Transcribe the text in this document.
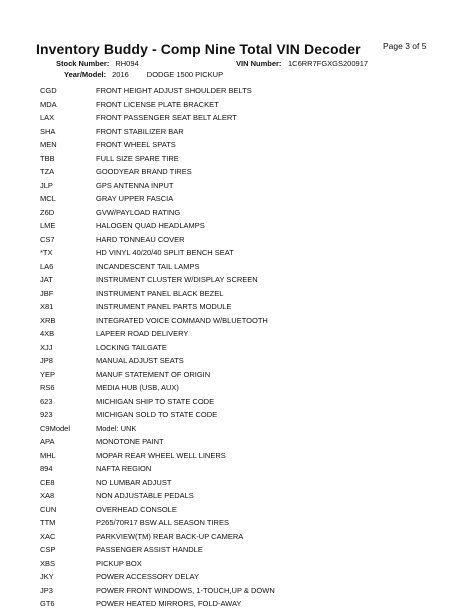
Inventory Buddy - Comp Nine Total VIN Decoder	Page 3 of 5
Stock Number: RH094	VIN Number: 1C6RR7FGXGS200917
Year/Model: 2016 DODGE 1500 PICKUP
CGD	FRONT HEIGHT ADJUST SHOULDER BELTS
MDA	FRONT LICENSE PLATE BRACKET
LAX	FRONT PASSENGER SEAT BELT ALERT
SHA	FRONT STABILIZER BAR
MEN	FRONT WHEEL SPATS
TBB	FULL SIZE SPARE TIRE
TZA	GOODYEAR BRAND TIRES
JLP	GPS ANTENNA INPUT
MCL	GRAY UPPER FASCIA
Z6D	GVW/PAYLOAD RATING
LME	HALOGEN QUAD HEADLAMPS
CS7	HARD TONNEAU COVER
*TX	HD VINYL 40/20/40 SPLIT BENCH SEAT
LA6	INCANDESCENT TAIL LAMPS
JAT	INSTRUMENT CLUSTER W/DISPLAY SCREEN
JBF	INSTRUMENT PANEL BLACK BEZEL
X81	INSTRUMENT PANEL PARTS MODULE
XRB	INTEGRATED VOICE COMMAND W/BLUETOOTH
4XB	LAPEER ROAD DELIVERY
XJJ	LOCKING TAILGATE
JP8	MANUAL ADJUST SEATS
YEP	MANUF STATEMENT OF ORIGIN
RS6	MEDIA HUB (USB, AUX)
623	MICHIGAN SHIP TO STATE CODE
923	MICHIGAN SOLD TO STATE CODE
C9Model	Model: UNK
APA	MONOTONE PAINT
MHL	MOPAR REAR WHEEL WELL LINERS
894	NAFTA REGION
CE8	NO LUMBAR ADJUST
XA8	NON ADJUSTABLE PEDALS
CUN	OVERHEAD CONSOLE
TTM	P265/70R17 BSW ALL SEASON TIRES
XAC	PARKVIEW(TM) REAR BACK-UP CAMERA
CSP	PASSENGER ASSIST HANDLE
XBS	PICKUP BOX
JKY	POWER ACCESSORY DELAY
JP3	POWER FRONT WINDOWS, 1-TOUCH,UP & DOWN
GT6	POWER HEATED MIRRORS, FOLD-AWAY
